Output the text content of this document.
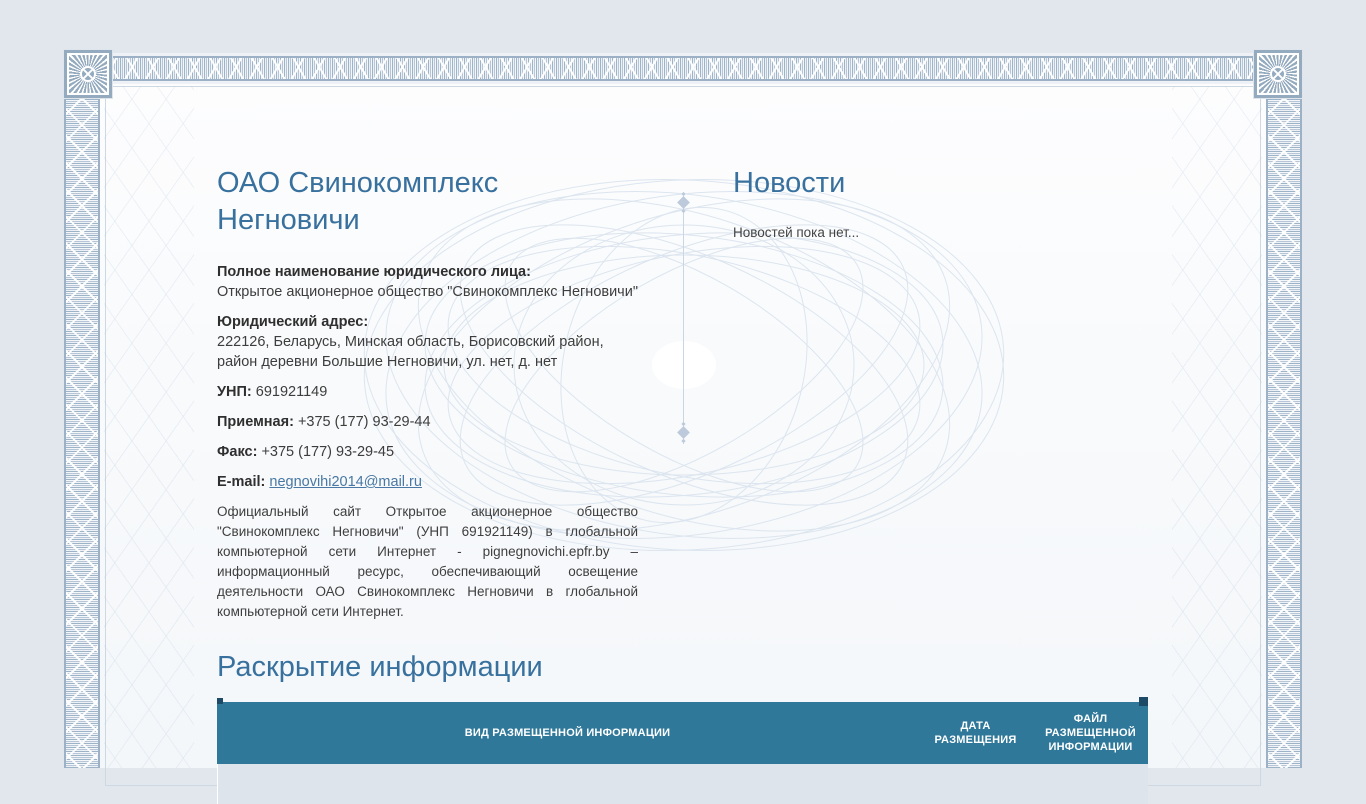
ОАО Свинокомплекс Негновичи

Полное наименование юридического лица:
Открытое акционерное общество "Свинокомплекс Негновичи"

Юридический адрес:
222126, Беларусь, Минская область, Борисовский район, район деревни Большие Негновичи, ул. нет, д. нет

УНП: 691921149

Приемная: +375 (177) 93-29-44

Факс: +375 (177) 93-29-45

E-mail: negnovihi2014@mail.ru

Официальный сайт Открытое акционерное общество "Свинокомплекс Негновичи" (УНП 691921149) в глобальной компьютерной сети Интернет - pignegnovichi.epfr.by – информационный ресурс, обеспечивающий освещение деятельности ОАО Свинокомплекс Негновичи в глобальной компьютерной сети Интернет.

Новости
Новостей пока нет...
Раскрытие информации
ВИД РАЗМЕЩЕННОЙ ИНФОРМАЦИИ
ДАТА РАЗМЕЩЕНИЯ
ФАЙЛ РАЗМЕЩЕННОЙ ИНФОРМАЦИИ
